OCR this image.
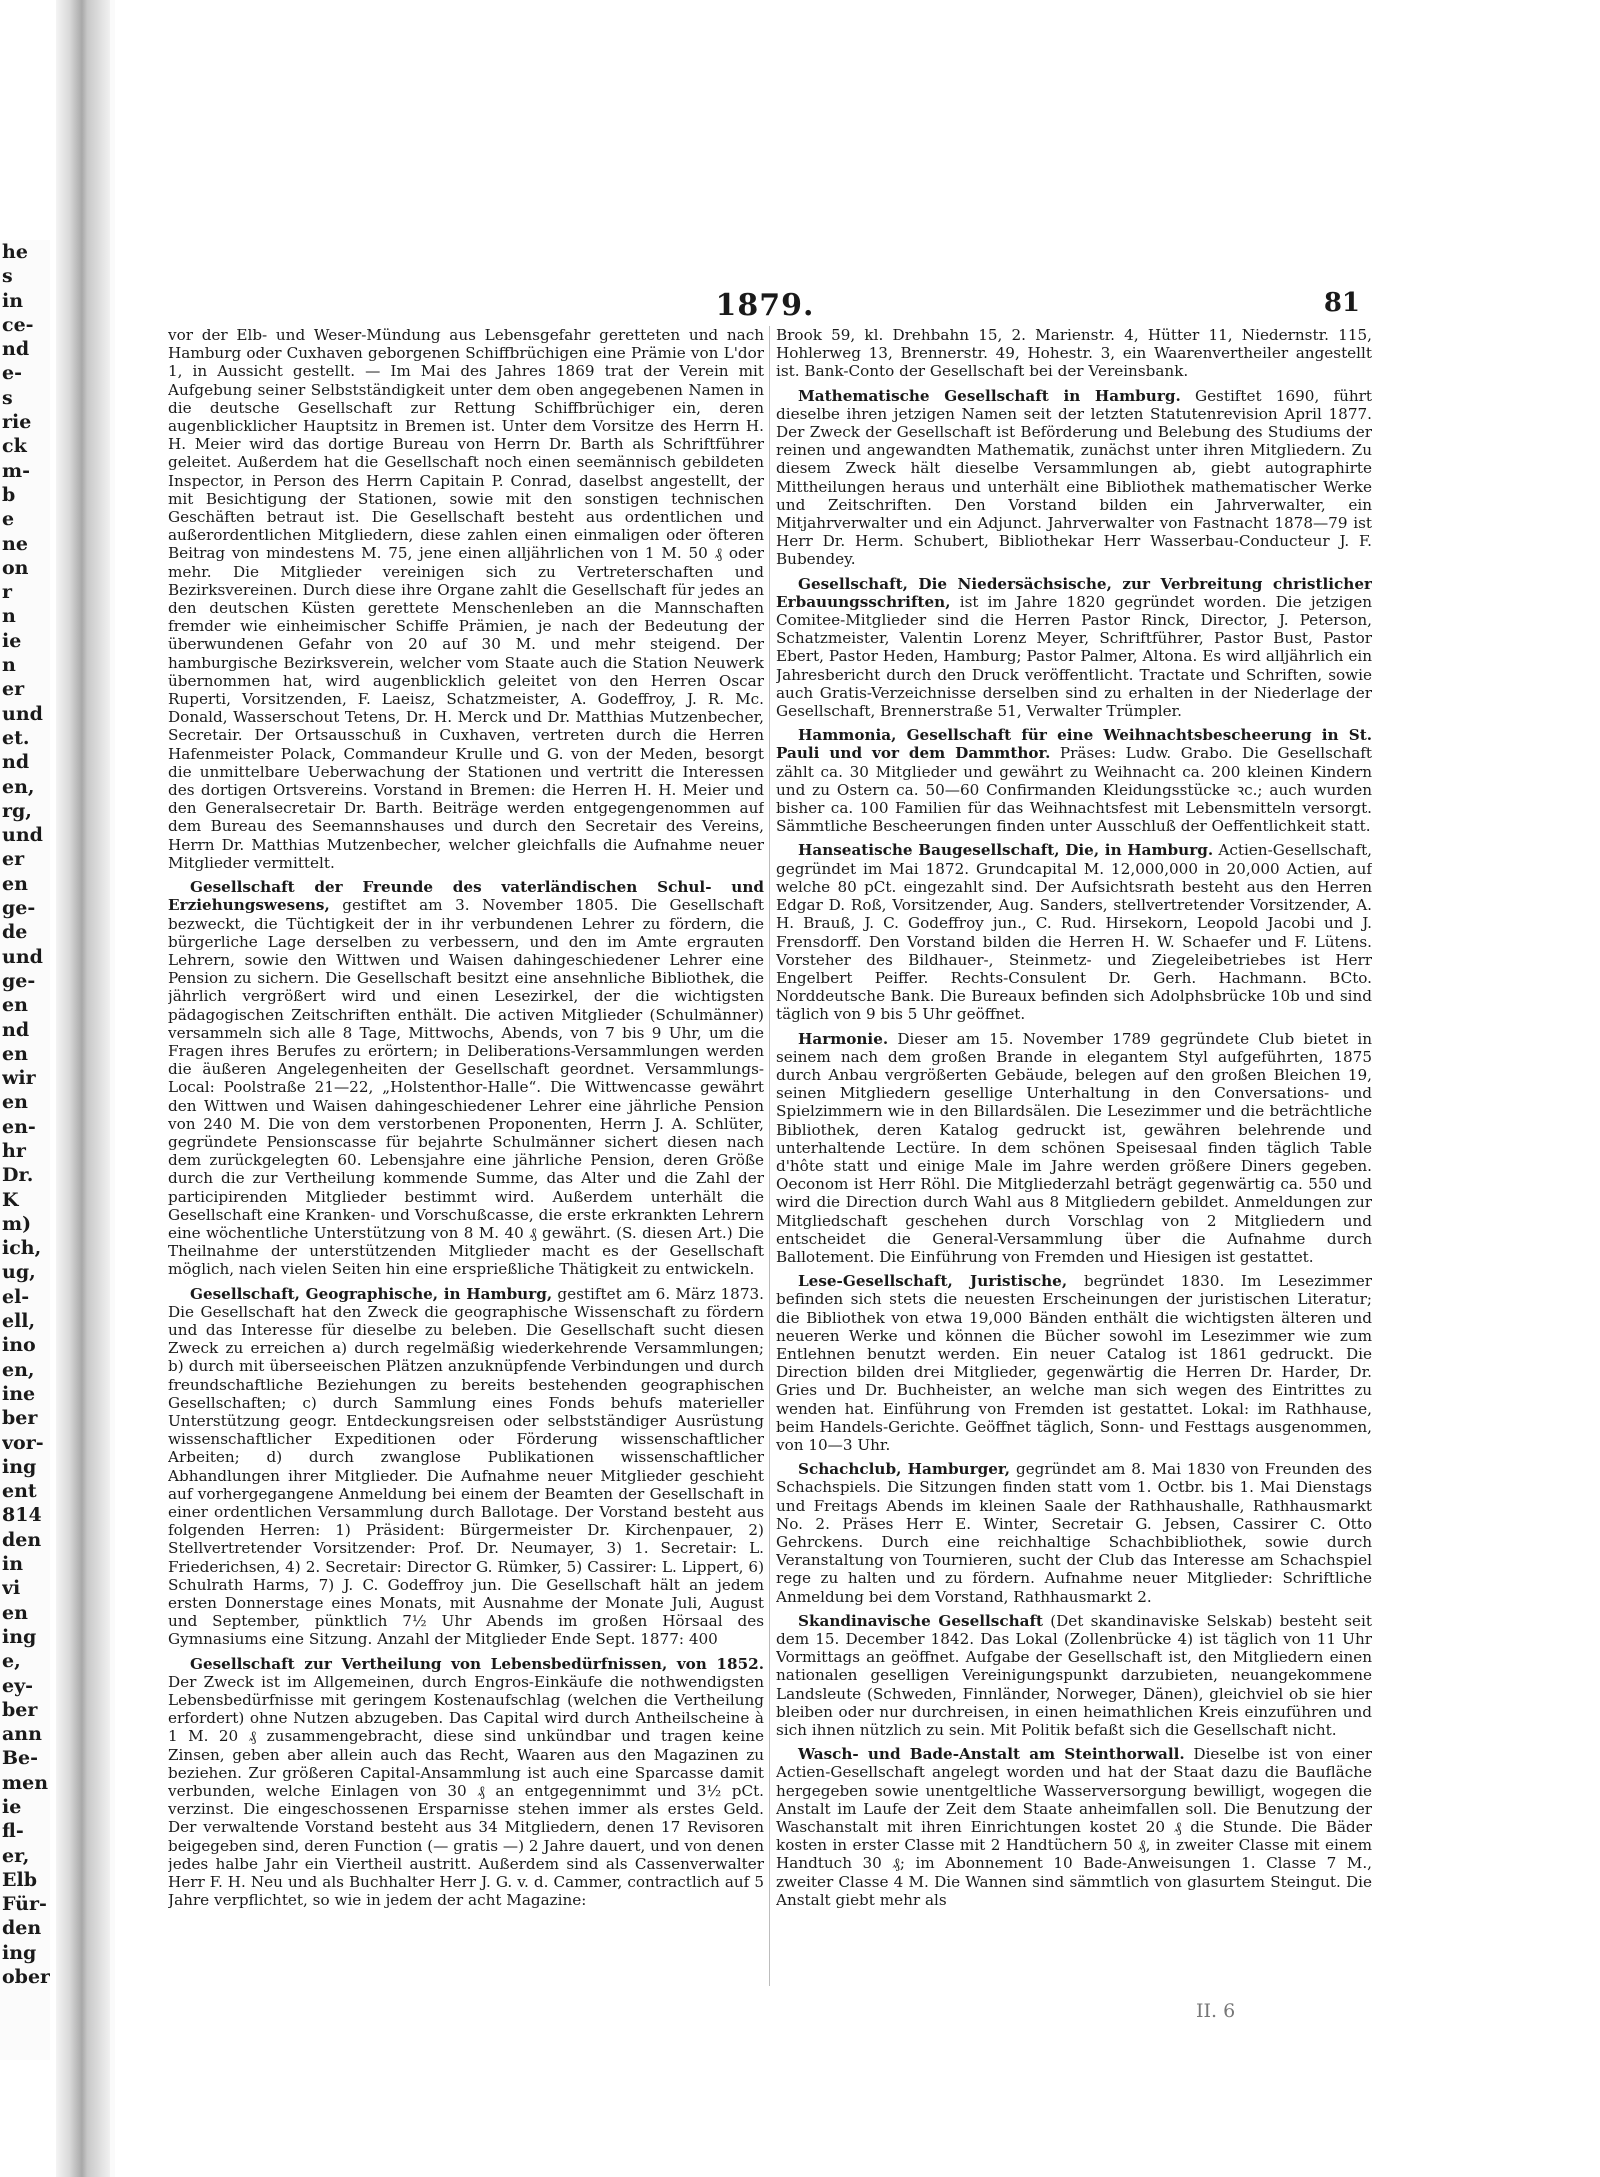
he
s
in
ce-
nd
e-
s
rie
ck
m-
b
e
ne
on
r
n
ie
n
er
und
et.
nd
en,
rg,
und
er
en
ge-
de
und
ge-
en
nd
en
wir
en
en-
hr
Dr.
K
m)
ich,
ug,
el-
ell,
ino
en,
ine
ber
vor-
ing
ent
814
den
in
vi
en
ing
e,
ey-
ber
ann
Be-
men
ie
fl-
er,
Elb
Für-
den
ing
ober
1879.	81

vor der Elb- und Weser-Mündung aus Lebensgefahr geretteten und nach Hamburg oder Cuxhaven geborgenen Schiffbrüchigen eine Prämie von L'dor 1, in Aussicht gestellt. — Im Mai des Jahres 1869 trat der Verein mit Aufgebung seiner Selbstständigkeit unter dem oben angegebenen Namen in die deutsche Gesellschaft zur Rettung Schiffbrüchiger ein, deren augenblicklicher Hauptsitz in Bremen ist. Unter dem Vorsitze des Herrn H. H. Meier wird das dortige Bureau von Herrn Dr. Barth als Schriftführer geleitet. Außerdem hat die Gesellschaft noch einen seemännisch gebildeten Inspector, in Person des Herrn Capitain P. Conrad, daselbst angestellt, der mit Besichtigung der Stationen, sowie mit den sonstigen technischen Geschäften betraut ist. Die Gesellschaft besteht aus ordentlichen und außerordentlichen Mitgliedern, diese zahlen einen einmaligen oder öfteren Beitrag von mindestens M. 75, jene einen alljährlichen von 1 M. 50 ₰ oder mehr. Die Mitglieder vereinigen sich zu Vertreterschaften und Bezirksvereinen. Durch diese ihre Organe zahlt die Gesellschaft für jedes an den deutschen Küsten gerettete Menschenleben an die Mannschaften fremder wie einheimischer Schiffe Prämien, je nach der Bedeutung der überwundenen Gefahr von 20 auf 30 M. und mehr steigend. Der hamburgische Bezirksverein, welcher vom Staate auch die Station Neuwerk übernommen hat, wird augenblicklich geleitet von den Herren Oscar Ruperti, Vorsitzenden, F. Laeisz, Schatzmeister, A. Godeffroy, J. R. Mc. Donald, Wasserschout Tetens, Dr. H. Merck und Dr. Matthias Mutzenbecher, Secretair. Der Ortsausschuß in Cuxhaven, vertreten durch die Herren Hafenmeister Polack, Commandeur Krulle und G. von der Meden, besorgt die unmittelbare Ueberwachung der Stationen und vertritt die Interessen des dortigen Ortsvereins. Vorstand in Bremen: die Herren H. H. Meier und den Generalsecretair Dr. Barth. Beiträge werden entgegengenommen auf dem Bureau des Seemannshauses und durch den Secretair des Vereins, Herrn Dr. Matthias Mutzenbecher, welcher gleichfalls die Aufnahme neuer Mitglieder vermittelt.

Gesellschaft der Freunde des vaterländischen Schul- und Erziehungswesens, gestiftet am 3. November 1805. Die Gesellschaft bezweckt, die Tüchtigkeit der in ihr verbundenen Lehrer zu fördern, die bürgerliche Lage derselben zu verbessern, und den im Amte ergrauten Lehrern, sowie den Wittwen und Waisen dahingeschiedener Lehrer eine Pension zu sichern. Die Gesellschaft besitzt eine ansehnliche Bibliothek, die jährlich vergrößert wird und einen Lesezirkel, der die wichtigsten pädagogischen Zeitschriften enthält. Die activen Mitglieder (Schulmänner) versammeln sich alle 8 Tage, Mittwochs, Abends, von 7 bis 9 Uhr, um die Fragen ihres Berufes zu erörtern; in Deliberations-Versammlungen werden die äußeren Angelegenheiten der Gesellschaft geordnet. Versammlungs-Local: Poolstraße 21—22, „Holstenthor-Halle“. Die Wittwencasse gewährt den Wittwen und Waisen dahingeschiedener Lehrer eine jährliche Pension von 240 M. Die von dem verstorbenen Proponenten, Herrn J. A. Schlüter, gegründete Pensionscasse für bejahrte Schulmänner sichert diesen nach dem zurückgelegten 60. Lebensjahre eine jährliche Pension, deren Größe durch die zur Vertheilung kommende Summe, das Alter und die Zahl der participirenden Mitglieder bestimmt wird. Außerdem unterhält die Gesellschaft eine Kranken- und Vorschußcasse, die erste erkrankten Lehrern eine wöchentliche Unterstützung von 8 M. 40 ₰ gewährt. (S. diesen Art.) Die Theilnahme der unterstützenden Mitglieder macht es der Gesellschaft möglich, nach vielen Seiten hin eine ersprießliche Thätigkeit zu entwickeln.

Gesellschaft, Geographische, in Hamburg, gestiftet am 6. März 1873. Die Gesellschaft hat den Zweck die geographische Wissenschaft zu fördern und das Interesse für dieselbe zu beleben. Die Gesellschaft sucht diesen Zweck zu erreichen a) durch regelmäßig wiederkehrende Versammlungen; b) durch mit überseeischen Plätzen anzuknüpfende Verbindungen und durch freundschaftliche Beziehungen zu bereits bestehenden geographischen Gesellschaften; c) durch Sammlung eines Fonds behufs materieller Unterstützung geogr. Entdeckungsreisen oder selbstständiger Ausrüstung wissenschaftlicher Expeditionen oder Förderung wissenschaftlicher Arbeiten; d) durch zwanglose Publikationen wissenschaftlicher Abhandlungen ihrer Mitglieder. Die Aufnahme neuer Mitglieder geschieht auf vorhergegangene Anmeldung bei einem der Beamten der Gesellschaft in einer ordentlichen Versammlung durch Ballotage. Der Vorstand besteht aus folgenden Herren: 1) Präsident: Bürgermeister Dr. Kirchenpauer, 2) Stellvertretender Vorsitzender: Prof. Dr. Neumayer, 3) 1. Secretair: L. Friederichsen, 4) 2. Secretair: Director G. Rümker, 5) Cassirer: L. Lippert, 6) Schulrath Harms, 7) J. C. Godeffroy jun. Die Gesellschaft hält an jedem ersten Donnerstage eines Monats, mit Ausnahme der Monate Juli, August und September, pünktlich 7½ Uhr Abends im großen Hörsaal des Gymnasiums eine Sitzung. Anzahl der Mitglieder Ende Sept. 1877: 400

Gesellschaft zur Vertheilung von Lebensbedürfnissen, von 1852. Der Zweck ist im Allgemeinen, durch Engros-Einkäufe die nothwendigsten Lebensbedürfnisse mit geringem Kostenaufschlag (welchen die Vertheilung erfordert) ohne Nutzen abzugeben. Das Capital wird durch Antheilscheine à 1 M. 20 ₰ zusammengebracht, diese sind unkündbar und tragen keine Zinsen, geben aber allein auch das Recht, Waaren aus den Magazinen zu beziehen. Zur größeren Capital-Ansammlung ist auch eine Sparcasse damit verbunden, welche Einlagen von 30 ₰ an entgegennimmt und 3½ pCt. verzinst. Die eingeschossenen Ersparnisse stehen immer als erstes Geld. Der verwaltende Vorstand besteht aus 34 Mitgliedern, denen 17 Revisoren beigegeben sind, deren Function (— gratis —) 2 Jahre dauert, und von denen jedes halbe Jahr ein Viertheil austritt. Außerdem sind als Cassenverwalter Herr F. H. Neu und als Buchhalter Herr J. G. v. d. Cammer, contractlich auf 5 Jahre verpflichtet, so wie in jedem der acht Magazine:

Brook 59, kl. Drehbahn 15, 2. Marienstr. 4, Hütter 11, Niedernstr. 115, Hohlerweg 13, Brennerstr. 49, Hohestr. 3, ein Waarenvertheiler angestellt ist. Bank-Conto der Gesellschaft bei der Vereinsbank.

Mathematische Gesellschaft in Hamburg. Gestiftet 1690, führt dieselbe ihren jetzigen Namen seit der letzten Statutenrevision April 1877. Der Zweck der Gesellschaft ist Beförderung und Belebung des Studiums der reinen und angewandten Mathematik, zunächst unter ihren Mitgliedern. Zu diesem Zweck hält dieselbe Versammlungen ab, giebt autographirte Mittheilungen heraus und unterhält eine Bibliothek mathematischer Werke und Zeitschriften. Den Vorstand bilden ein Jahrverwalter, ein Mitjahrverwalter und ein Adjunct. Jahrverwalter von Fastnacht 1878—79 ist Herr Dr. Herm. Schubert, Bibliothekar Herr Wasserbau-Conducteur J. F. Bubendey.

Gesellschaft, Die Niedersächsische, zur Verbreitung christlicher Erbauungsschriften, ist im Jahre 1820 gegründet worden. Die jetzigen Comitee-Mitglieder sind die Herren Pastor Rinck, Director, J. Peterson, Schatzmeister, Valentin Lorenz Meyer, Schriftführer, Pastor Bust, Pastor Ebert, Pastor Heden, Hamburg; Pastor Palmer, Altona. Es wird alljährlich ein Jahresbericht durch den Druck veröffentlicht. Tractate und Schriften, sowie auch Gratis-Verzeichnisse derselben sind zu erhalten in der Niederlage der Gesellschaft, Brennerstraße 51, Verwalter Trümpler.

Hammonia, Gesellschaft für eine Weihnachtsbescheerung in St. Pauli und vor dem Dammthor. Präses: Ludw. Grabo. Die Gesellschaft zählt ca. 30 Mitglieder und gewährt zu Weihnacht ca. 200 kleinen Kindern und zu Ostern ca. 50—60 Confirmanden Kleidungsstücke ꝛc.; auch wurden bisher ca. 100 Familien für das Weihnachtsfest mit Lebensmitteln versorgt. Sämmtliche Bescheerungen finden unter Ausschluß der Oeffentlichkeit statt.

Hanseatische Baugesellschaft, Die, in Hamburg. Actien-Gesellschaft, gegründet im Mai 1872. Grundcapital M. 12,000,000 in 20,000 Actien, auf welche 80 pCt. eingezahlt sind. Der Aufsichtsrath besteht aus den Herren Edgar D. Roß, Vorsitzender, Aug. Sanders, stellvertretender Vorsitzender, A. H. Brauß, J. C. Godeffroy jun., C. Rud. Hirsekorn, Leopold Jacobi und J. Frensdorff. Den Vorstand bilden die Herren H. W. Schaefer und F. Lütens. Vorsteher des Bildhauer-, Steinmetz- und Ziegeleibetriebes ist Herr Engelbert Peiffer. Rechts-Consulent Dr. Gerh. Hachmann. BCto. Norddeutsche Bank. Die Bureaux befinden sich Adolphsbrücke 10b und sind täglich von 9 bis 5 Uhr geöffnet.

Harmonie. Dieser am 15. November 1789 gegründete Club bietet in seinem nach dem großen Brande in elegantem Styl aufgeführten, 1875 durch Anbau vergrößerten Gebäude, belegen auf den großen Bleichen 19, seinen Mitgliedern gesellige Unterhaltung in den Conversations- und Spielzimmern wie in den Billardsälen. Die Lesezimmer und die beträchtliche Bibliothek, deren Katalog gedruckt ist, gewähren belehrende und unterhaltende Lectüre. In dem schönen Speisesaal finden täglich Table d'hôte statt und einige Male im Jahre werden größere Diners gegeben. Oeconom ist Herr Röhl. Die Mitgliederzahl beträgt gegenwärtig ca. 550 und wird die Direction durch Wahl aus 8 Mitgliedern gebildet. Anmeldungen zur Mitgliedschaft geschehen durch Vorschlag von 2 Mitgliedern und entscheidet die General-Versammlung über die Aufnahme durch Ballotement. Die Einführung von Fremden und Hiesigen ist gestattet.

Lese-Gesellschaft, Juristische, begründet 1830. Im Lesezimmer befinden sich stets die neuesten Erscheinungen der juristischen Literatur; die Bibliothek von etwa 19,000 Bänden enthält die wichtigsten älteren und neueren Werke und können die Bücher sowohl im Lesezimmer wie zum Entlehnen benutzt werden. Ein neuer Catalog ist 1861 gedruckt. Die Direction bilden drei Mitglieder, gegenwärtig die Herren Dr. Harder, Dr. Gries und Dr. Buchheister, an welche man sich wegen des Eintrittes zu wenden hat. Einführung von Fremden ist gestattet. Lokal: im Rathhause, beim Handels-Gerichte. Geöffnet täglich, Sonn- und Festtags ausgenommen, von 10—3 Uhr.

Schachclub, Hamburger, gegründet am 8. Mai 1830 von Freunden des Schachspiels. Die Sitzungen finden statt vom 1. Octbr. bis 1. Mai Dienstags und Freitags Abends im kleinen Saale der Rathhaushalle, Rathhausmarkt No. 2. Präses Herr E. Winter, Secretair G. Jebsen, Cassirer C. Otto Gehrckens. Durch eine reichhaltige Schachbibliothek, sowie durch Veranstaltung von Tournieren, sucht der Club das Interesse am Schachspiel rege zu halten und zu fördern. Aufnahme neuer Mitglieder: Schriftliche Anmeldung bei dem Vorstand, Rathhausmarkt 2.

Skandinavische Gesellschaft (Det skandinaviske Selskab) besteht seit dem 15. December 1842. Das Lokal (Zollenbrücke 4) ist täglich von 11 Uhr Vormittags an geöffnet. Aufgabe der Gesellschaft ist, den Mitgliedern einen nationalen geselligen Vereinigungspunkt darzubieten, neuangekommene Landsleute (Schweden, Finnländer, Norweger, Dänen), gleichviel ob sie hier bleiben oder nur durchreisen, in einen heimathlichen Kreis einzuführen und sich ihnen nützlich zu sein. Mit Politik befaßt sich die Gesellschaft nicht.

Wasch- und Bade-Anstalt am Steinthorwall. Dieselbe ist von einer Actien-Gesellschaft angelegt worden und hat der Staat dazu die Baufläche hergegeben sowie unentgeltliche Wasserversorgung bewilligt, wogegen die Anstalt im Laufe der Zeit dem Staate anheimfallen soll. Die Benutzung der Waschanstalt mit ihren Einrichtungen kostet 20 ₰ die Stunde. Die Bäder kosten in erster Classe mit 2 Handtüchern 50 ₰, in zweiter Classe mit einem Handtuch 30 ₰; im Abonnement 10 Bade-Anweisungen 1. Classe 7 M., zweiter Classe 4 M. Die Wannen sind sämmtlich von glasurtem Steingut. Die Anstalt giebt mehr als

II. 6
